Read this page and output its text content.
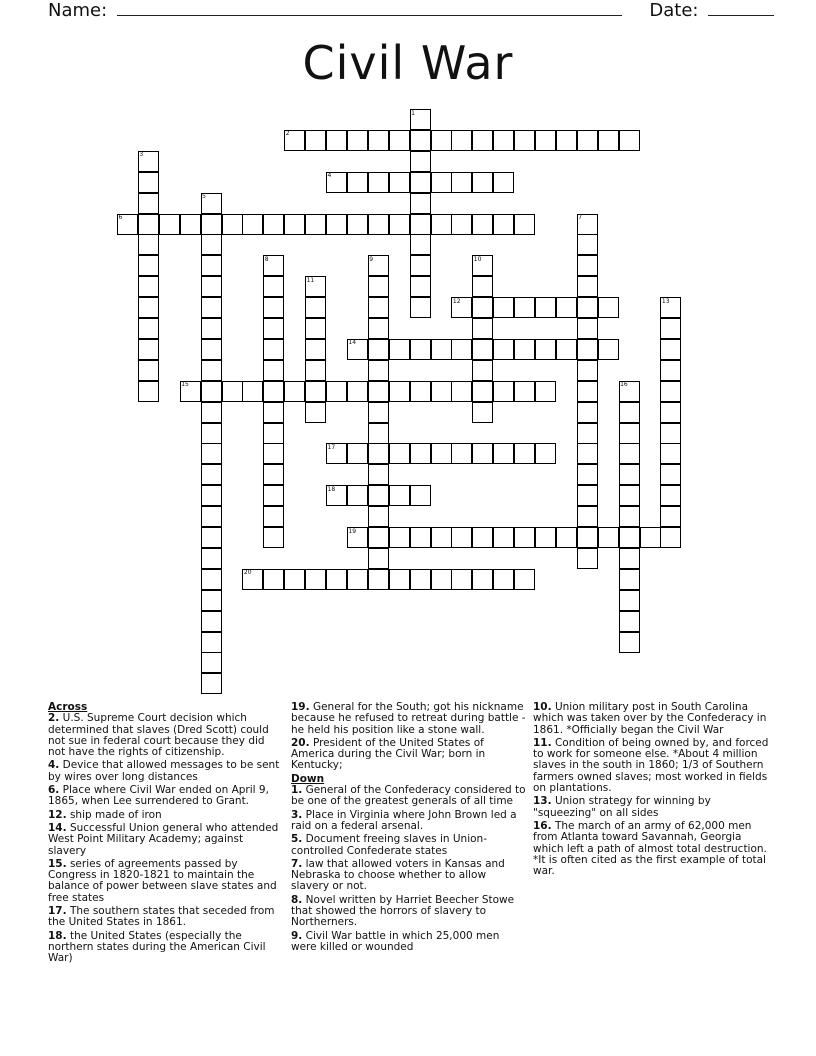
Name:	Date:
Civil War
1
2
3
4
5
6	7
8	9	10
11
12	13
14
15	16
17
18
19
20
Across
2. U.S. Supreme Court decision which determined that slaves (Dred Scott) could not sue in federal court because they did not have the rights of citizenship.
4. Device that allowed messages to be sent by wires over long distances
6. Place where Civil War ended on April 9, 1865, when Lee surrendered to Grant.
12. ship made of iron
14. Successful Union general who attended West Point Military Academy; against slavery
15. series of agreements passed by Congress in 1820-1821 to maintain the balance of power between slave states and free states
17. The southern states that seceded from the United States in 1861.
18. the United States (especially the northern states during the American Civil War)
19. General for the South; got his nickname because he refused to retreat during battle - he held his position like a stone wall.
20. President of the United States of America during the Civil War; born in Kentucky;
Down
1. General of the Confederacy considered to be one of the greatest generals of all time
3. Place in Virginia where John Brown led a raid on a federal arsenal.
5. Document freeing slaves in Union-controlled Confederate states
7. law that allowed voters in Kansas and Nebraska to choose whether to allow slavery or not.
8. Novel written by Harriet Beecher Stowe that showed the horrors of slavery to Northerners.
9. Civil War battle in which 25,000 men were killed or wounded
10. Union military post in South Carolina which was taken over by the Confederacy in 1861. *Officially began the Civil War
11. Condition of being owned by, and forced to work for someone else. *About 4 million slaves in the south in 1860; 1/3 of Southern farmers owned slaves; most worked in fields on plantations.
13. Union strategy for winning by "squeezing" on all sides
16. The march of an army of 62,000 men from Atlanta toward Savannah, Georgia which left a path of almost total destruction. *It is often cited as the first example of total war.
